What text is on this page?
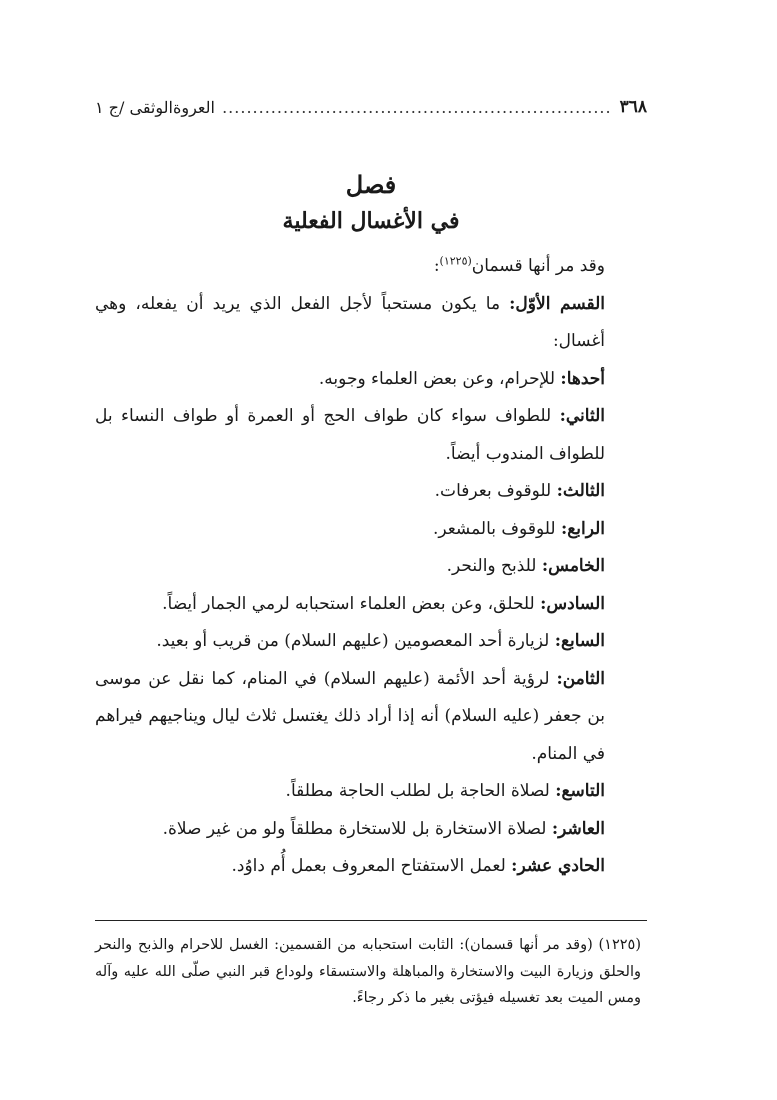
٣٦٨
.....
العروةالوثقى /ج ١
فصل
في الأغسال الفعلية

وقد مر أنها قسمان$^{(١٢٢٥)}$:

القسم الأوّل: ما يكون مستحباً لأجل الفعل الذي يريد أن يفعله، وهي أغسال:

أحدها: للإحرام، وعن بعض العلماء وجوبه.

الثاني: للطواف سواء كان طواف الحج أو العمرة أو طواف النساء بل للطواف المندوب أيضاً.

الثالث: للوقوف بعرفات.

الرابع: للوقوف بالمشعر.

الخامس: للذبح والنحر.

السادس: للحلق، وعن بعض العلماء استحبابه لرمي الجمار أيضاً.

السابع: لزيارة أحد المعصومين (عليهم السلام) من قريب أو بعيد.

الثامن: لرؤية أحد الأئمة (عليهم السلام) في المنام، كما نقل عن موسى بن جعفر (عليه السلام) أنه إذا أراد ذلك يغتسل ثلاث ليال ويناجيهم فيراهم في المنام.

التاسع: لصلاة الحاجة بل لطلب الحاجة مطلقاً.

العاشر: لصلاة الاستخارة بل للاستخارة مطلقاً ولو من غير صلاة.

الحادي عشر: لعمل الاستفتاح المعروف بعمل أُم داوُد.

(١٢٢٥) (وقد مر أنها قسمان): الثابت استحبابه من القسمين: الغسل للاحرام والذبح والنحر والحلق وزيارة البيت والاستخارة والمباهلة والاستسقاء ولوداع قبر النبي صلّى الله عليه وآله ومس الميت بعد تغسيله فيؤتى بغير ما ذكر رجاءً.
